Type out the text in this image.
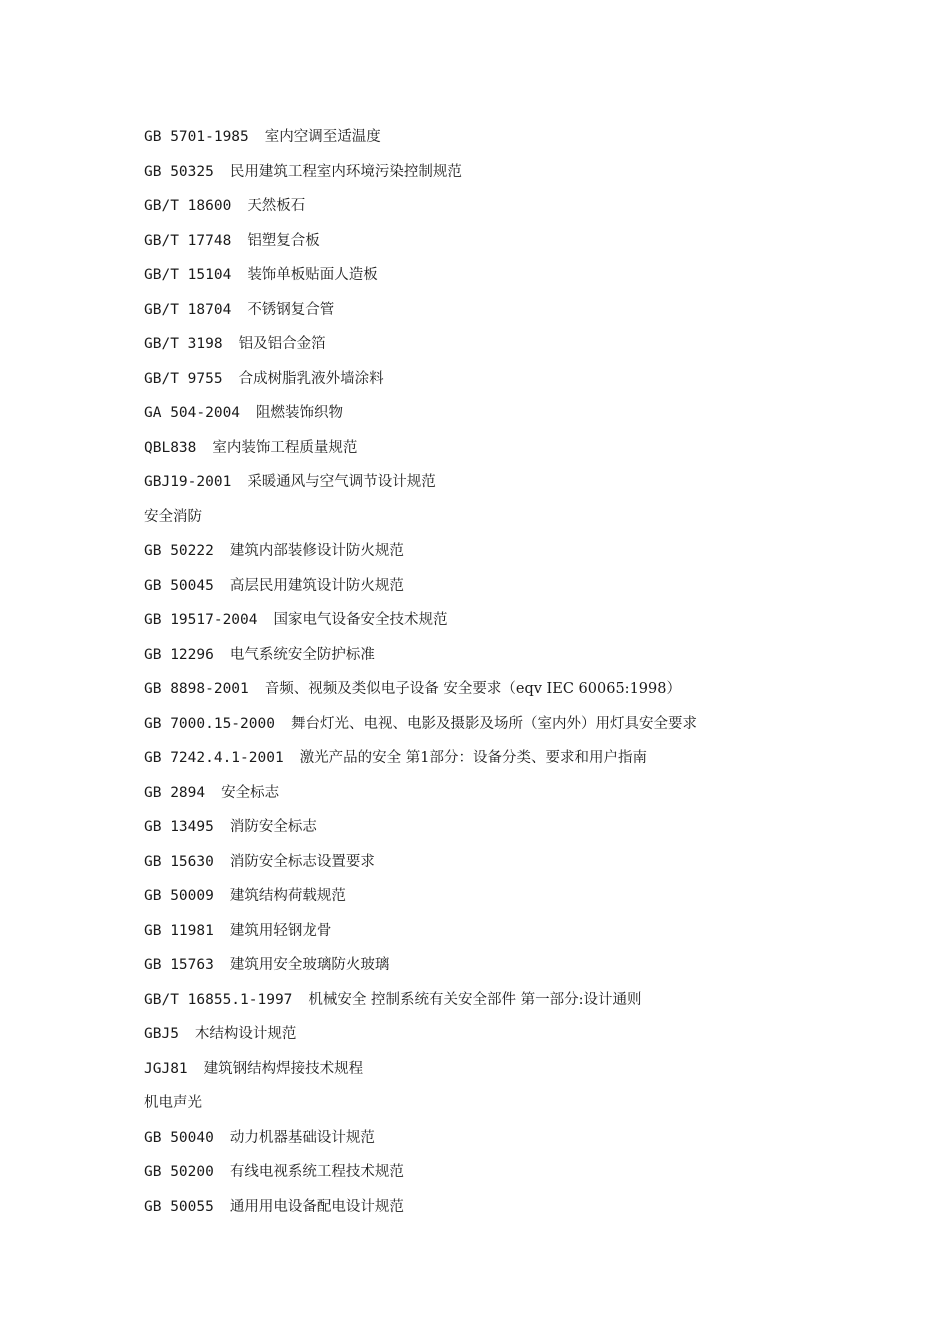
GB 5701-1985 室内空调至适温度
GB 50325 民用建筑工程室内环境污染控制规范
GB/T 18600 天然板石
GB/T 17748 铝塑复合板
GB/T 15104 装饰单板贴面人造板
GB/T 18704 不锈钢复合管
GB/T 3198 铝及铝合金箔
GB/T 9755 合成树脂乳液外墙涂料
GA 504-2004 阻燃装饰织物
QBL838 室内装饰工程质量规范
GBJ19-2001 采暖通风与空气调节设计规范
安全消防
GB 50222 建筑内部装修设计防火规范
GB 50045 高层民用建筑设计防火规范
GB 19517-2004 国家电气设备安全技术规范
GB 12296 电气系统安全防护标准
GB 8898-2001 音频、视频及类似电子设备 安全要求（eqv IEC 60065:1998）
GB 7000.15-2000 舞台灯光、电视、电影及摄影及场所（室内外）用灯具安全要求
GB 7242.4.1-2001 激光产品的安全 第1部分：设备分类、要求和用户指南
GB 2894 安全标志
GB 13495 消防安全标志
GB 15630 消防安全标志设置要求
GB 50009 建筑结构荷载规范
GB 11981 建筑用轻钢龙骨
GB 15763 建筑用安全玻璃防火玻璃
GB/T 16855.1-1997 机械安全 控制系统有关安全部件 第一部分:设计通则
GBJ5 木结构设计规范
JGJ81 建筑钢结构焊接技术规程
机电声光
GB 50040 动力机器基础设计规范
GB 50200 有线电视系统工程技术规范
GB 50055 通用用电设备配电设计规范
